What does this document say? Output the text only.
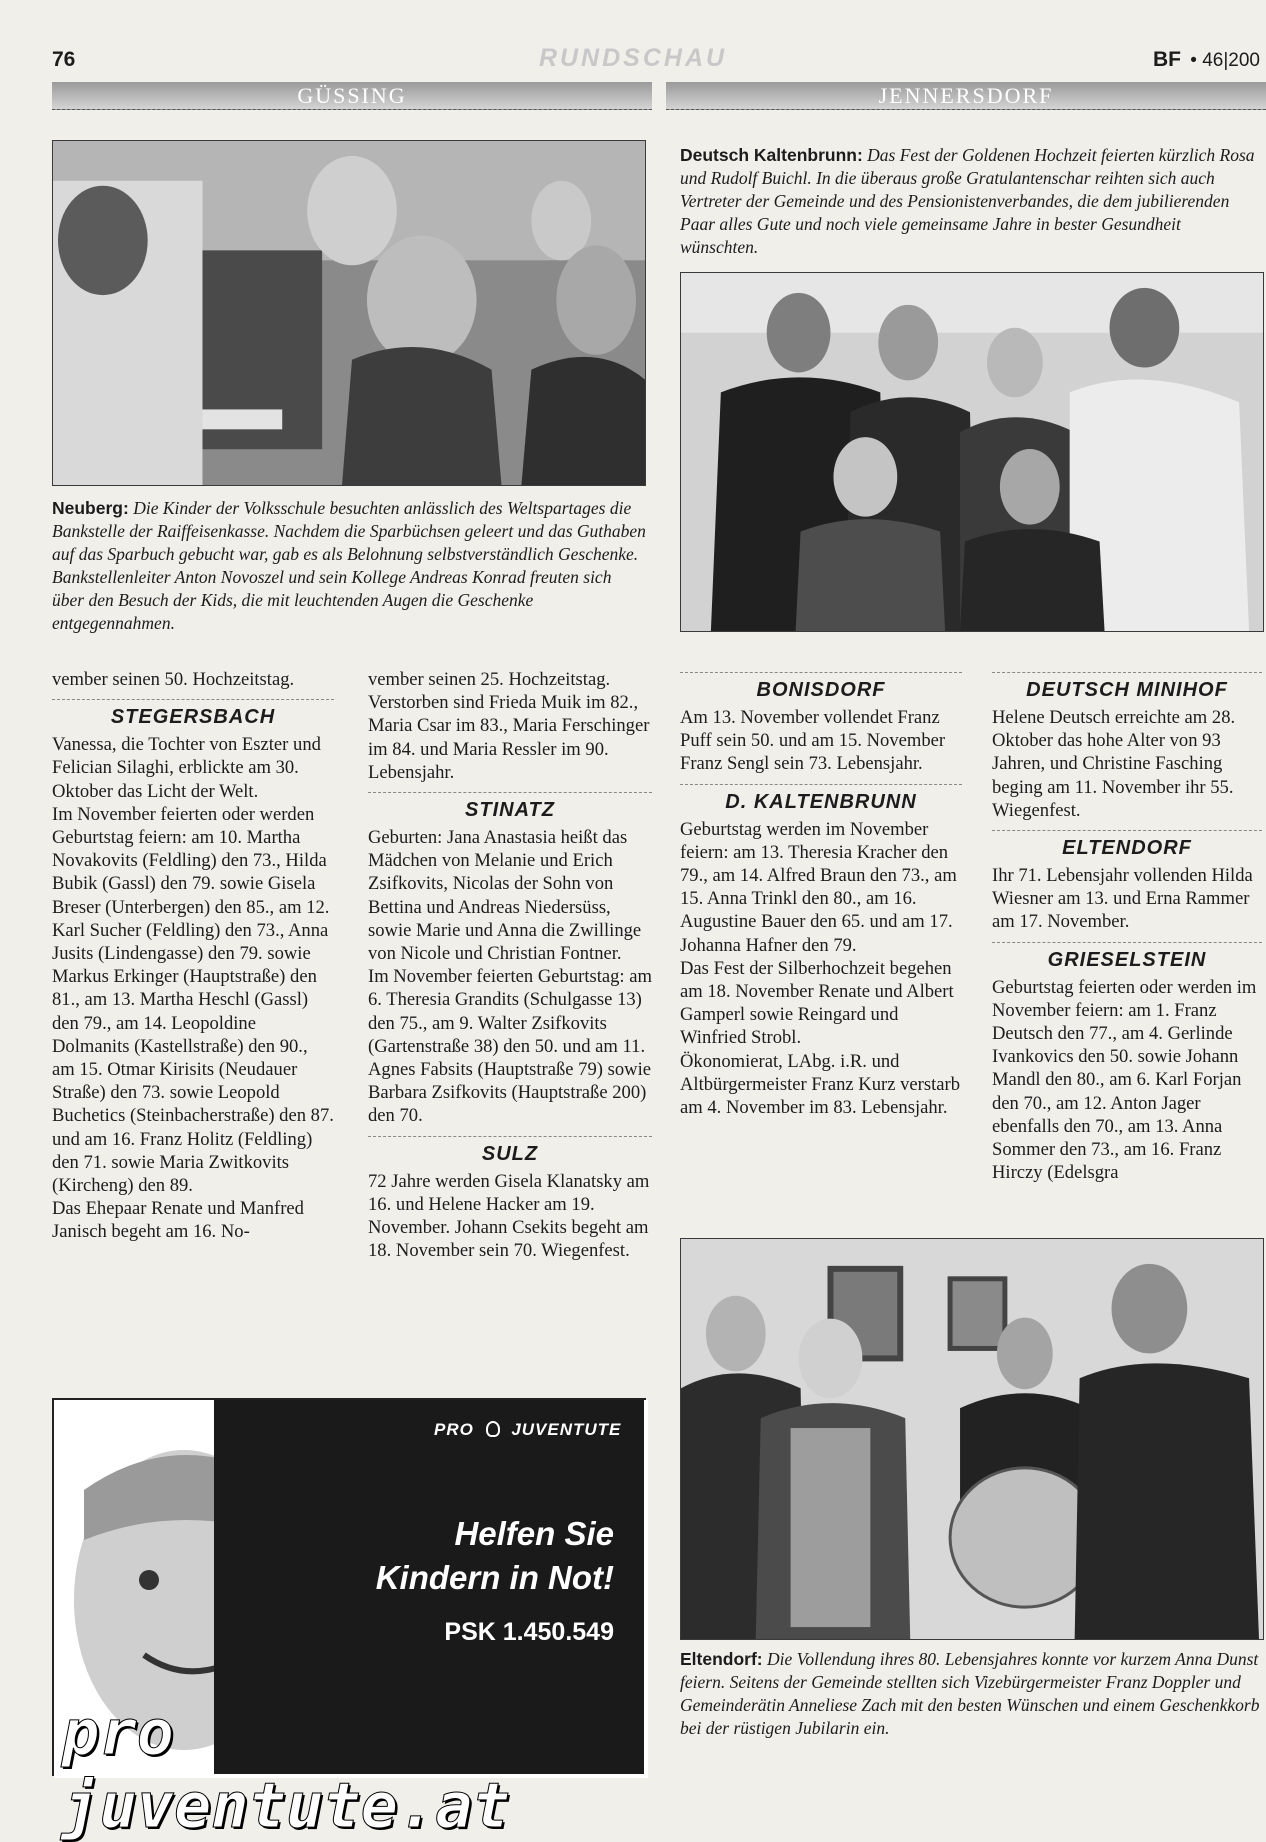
76	RUNDSCHAU	BF • 46|200
GÜSSING	JENNERSDORF
Neuberg: Die Kinder der Volksschule besuchten anlässlich des Weltspartages die Bankstelle der Raiffeisenkasse. Nachdem die Sparbüchsen geleert und das Guthaben auf das Sparbuch gebucht war, gab es als Belohnung selbstverständlich Geschenke. Bankstellenleiter Anton Novoszel und sein Kollege Andreas Konrad freuten sich über den Besuch der Kids, die mit leuchtenden Augen die Geschenke entgegennahmen.
Deutsch Kaltenbrunn: Das Fest der Goldenen Hochzeit feierten kürzlich Rosa und Rudolf Buichl. In die überaus große Gratulantenschar reihten sich auch Vertreter der Gemeinde und des Pensionistenverbandes, die dem jubilierenden Paar alles Gute und noch viele gemeinsame Jahre in bester Gesundheit wünschten.

vember seinen 50. Hochzeitstag.

STEGERSBACH

Vanessa, die Tochter von Eszter und Felician Silaghi, erblickte am 30. Oktober das Licht der Welt.

Im November feierten oder werden Geburtstag feiern: am 10. Martha Novakovits (Feldling) den 73., Hilda Bubik (Gassl) den 79. sowie Gisela Breser (Unterbergen) den 85., am 12. Karl Sucher (Feldling) den 73., Anna Jusits (Lindengasse) den 79. sowie Markus Erkinger (Hauptstraße) den 81., am 13. Martha Heschl (Gassl) den 79., am 14. Leopoldine Dolmanits (Kastellstraße) den 90., am 15. Otmar Kirisits (Neudauer Straße) den 73. sowie Leopold Buchetics (Steinbacherstraße) den 87. und am 16. Franz Holitz (Feldling) den 71. sowie Maria Zwitkovits (Kircheng) den 89.

Das Ehepaar Renate und Manfred Janisch begeht am 16. No-

vember seinen 25. Hochzeitstag.

Verstorben sind Frieda Muik im 82., Maria Csar im 83., Maria Ferschinger im 84. und Maria Ressler im 90. Lebensjahr.

STINATZ

Geburten: Jana Anastasia heißt das Mädchen von Melanie und Erich Zsifkovits, Nicolas der Sohn von Bettina und Andreas Niedersüss, sowie Marie und Anna die Zwillinge von Nicole und Christian Fontner.

Im November feierten Geburtstag: am 6. Theresia Grandits (Schulgasse 13) den 75., am 9. Walter Zsifkovits (Gartenstraße 38) den 50. und am 11. Agnes Fabsits (Hauptstraße 79) sowie Barbara Zsifkovits (Hauptstraße 200) den 70.

SULZ

72 Jahre werden Gisela Klanatsky am 16. und Helene Hacker am 19. November. Johann Csekits begeht am 18. November sein 70. Wiegenfest.

BONISDORF

Am 13. November vollendet Franz Puff sein 50. und am 15. November Franz Sengl sein 73. Lebensjahr.

D. KALTENBRUNN

Geburtstag werden im November feiern: am 13. Theresia Kracher den 79., am 14. Alfred Braun den 73., am 15. Anna Trinkl den 80., am 16. Augustine Bauer den 65. und am 17. Johanna Hafner den 79.

Das Fest der Silberhochzeit begehen am 18. November Renate und Albert Gamperl sowie Reingard und Winfried Strobl.

Ökonomierat, LAbg. i.R. und Altbürgermeister Franz Kurz verstarb am 4. November im 83. Lebensjahr.

DEUTSCH MINIHOF

Helene Deutsch erreichte am 28. Oktober das hohe Alter von 93 Jahren, und Christine Fasching beging am 11. November ihr 55. Wiegenfest.

ELTENDORF

Ihr 71. Lebensjahr vollenden Hilda Wiesner am 13. und Erna Rammer am 17. November.

GRIESELSTEIN

Geburtstag feierten oder werden im November feiern: am 1. Franz Deutsch den 77., am 4. Gerlinde Ivankovics den 50. sowie Johann Mandl den 80., am 6. Karl Forjan den 70., am 12. Anton Jager ebenfalls den 70., am 13. Anna Sommer den 73., am 16. Franz Hirczy (Edelsgra

PRO JUVENTUTE
Helfen Sie
Kindern in Not!
PSK 1.450.549
pro juventute.at
Eltendorf: Die Vollendung ihres 80. Lebensjahres konnte vor kurzem Anna Dunst feiern. Seitens der Gemeinde stellten sich Vizebürgermeister Franz Doppler und Gemeinderätin Anneliese Zach mit den besten Wünschen und einem Geschenkkorb bei der rüstigen Jubilarin ein.
